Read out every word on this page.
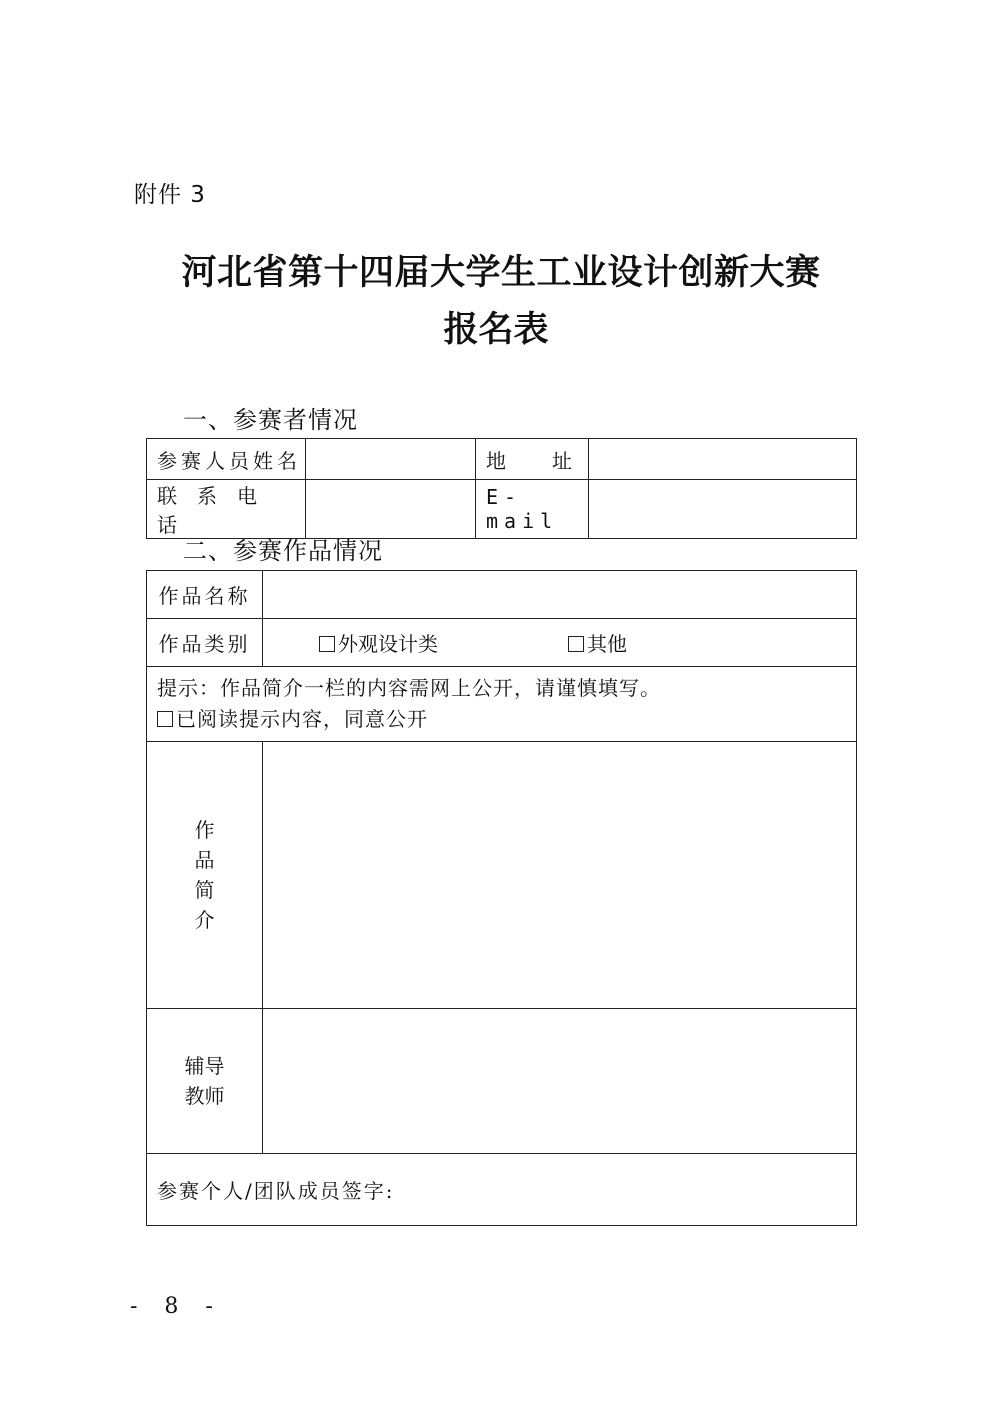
附件 3
河北省第十四届大学生工业设计创新大赛
报名表
一、参赛者情况
参赛人员姓名		地 址	
联系电话		E-mail	
二、参赛作品情况
作品名称	
作品类别	外观设计类 其他

提示：作品简介一栏的内容需网上公开，请谨慎填写。
已阅读提示内容，同意公开	

作
品
简
介	

辅导
教师	

参赛个人/团队成员签字:	
- 8 -
